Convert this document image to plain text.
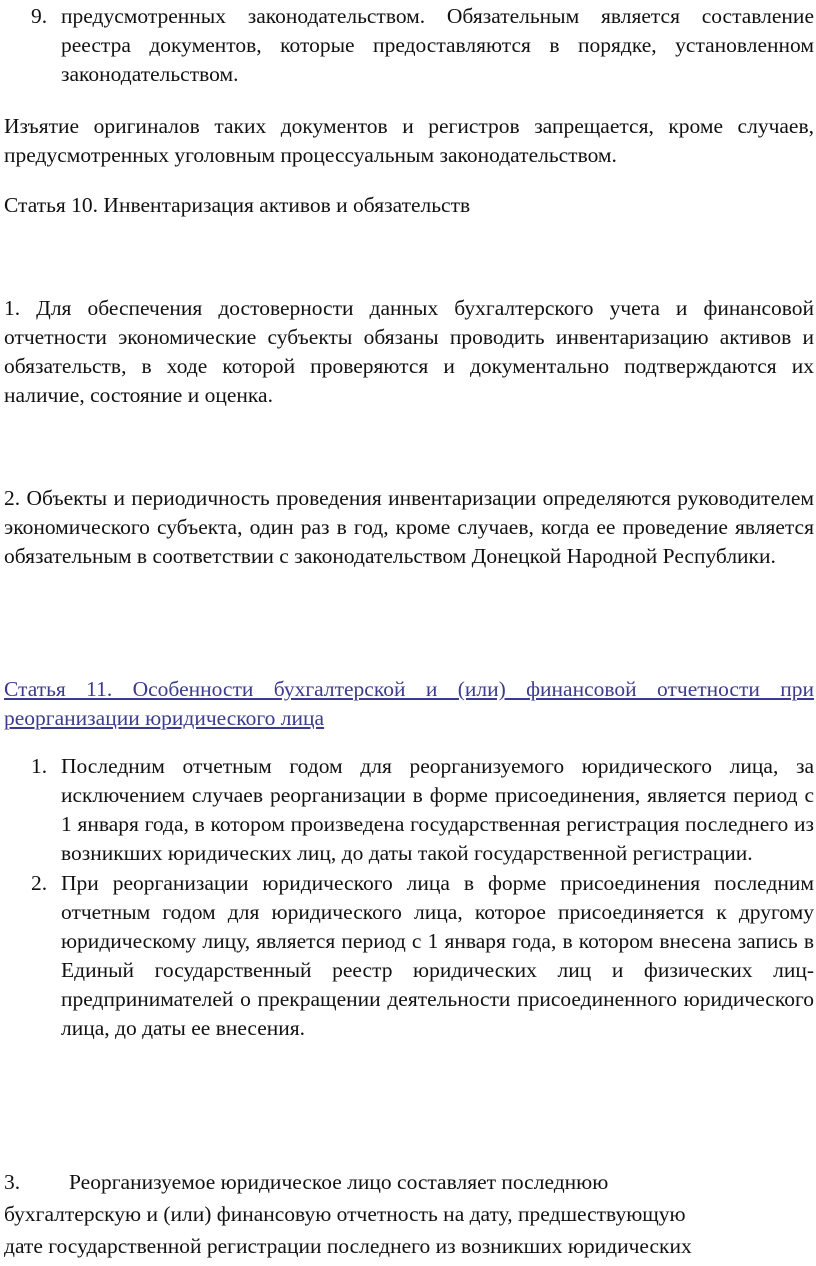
9. предусмотренных законодательством. Обязательным является составление реестра документов, которые предоставляются в порядке, установленном законодательством.

Изъятие оригиналов таких документов и регистров запрещается, кроме случаев, предусмотренных уголовным процессуальным законодательством.

Статья 10. Инвентаризация активов и обязательств

1. Для обеспечения достоверности данных бухгалтерского учета и финансовой отчетности экономические субъекты обязаны проводить инвентаризацию активов и обязательств, в ходе которой проверяются и документально подтверждаются их наличие, состояние и оценка.

2. Объекты и периодичность проведения инвентаризации определяются руководителем экономического субъекта, один раз в год, кроме случаев, когда ее проведение является обязательным в соответствии с законодательством Донецкой Народной Республики.

Статья 11. Особенности бухгалтерской и (или) финансовой отчетности при реорганизации юридического лица

1. Последним отчетным годом для реорганизуемого юридического лица, за исключением случаев реорганизации в форме присоединения, является период с 1 января года, в котором произведена государственная регистрация последнего из возникших юридических лиц, до даты такой государственной регистрации.
2. При реорганизации юридического лица в форме присоединения последним отчетным годом для юридического лица, которое присоединяется к другому юридическому лицу, является период с 1 января года, в котором внесена запись в Единый государственный реестр юридических лиц и физических лиц-предпринимателей о прекращении деятельности присоединенного юридического лица, до даты ее внесения.
3. Реорганизуемое юридическое лицо составляет последнюю
бухгалтерскую и (или) финансовую отчетность на дату, предшествующую
дате государственной регистрации последнего из возникших юридических
